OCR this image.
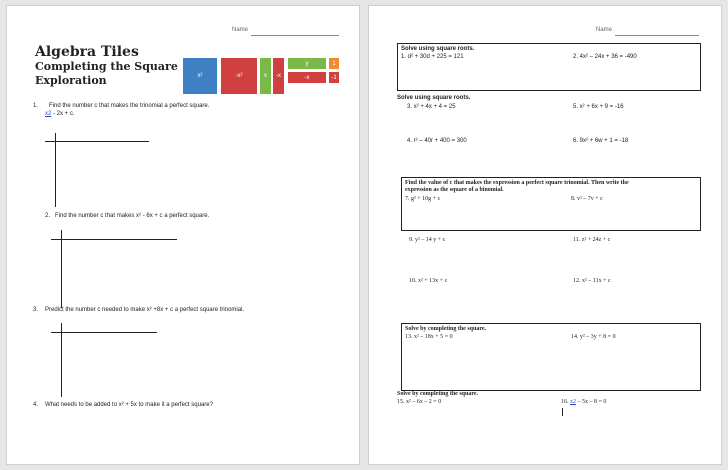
Name
Algebra Tiles
Completing the Square
Exploration	x²	-x²	x	-x
y
-x
1
-1
1. Find the number c that makes the trinomial a perfect square.
x2 - 2x + c.
2. Find the number c that makes x² - 6x + c a perfect square.
3. Predict the number c needed to make x² +8x + c a perfect square trinomial.
4. What needs to be added to x² + 5x to make it a perfect square?
Name
Solve using square roots.
1. d² + 30d + 225 = 121	2. 4x² – 24x + 36 = -490
Solve using square roots.
3. x² + 4x + 4 = 25	5. x² + 6x + 9 = -16
4. r² – 40r + 400 = 300	6. 9x² + 6w + 1 = -18
Find the value of c that makes the expression a perfect square trinomial. Then write the
expression as the square of a binomial.
7. g² + 10g + c	8. v² – 7v + c
9. y² – 14 y + c	11. z² + 24z + c
10. x² + 13x + c	12. x² – 11x + c
Solve by completing the square.
13. x² – 18x + 5 = 0	14. y² – 3y + 8 = 0
Solve by completing the square.
15. x² – 6x – 2 = 0	16. x2 – 5x – 8 = 0
